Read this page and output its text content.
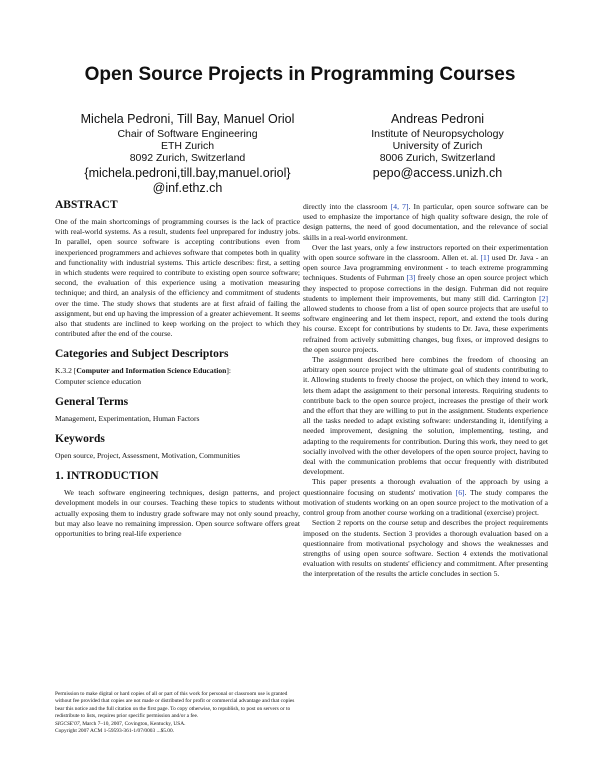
Open Source Projects in Programming Courses
Michela Pedroni, Till Bay, Manuel Oriol
Chair of Software Engineering
ETH Zurich
8092 Zurich, Switzerland
{michela.pedroni,till.bay,manuel.oriol}
@inf.ethz.ch
Andreas Pedroni
Institute of Neuropsychology
University of Zurich
8006 Zurich, Switzerland
pepo@access.unizh.ch
ABSTRACT

One of the main shortcomings of programming courses is the lack of practice with real-world systems. As a result, students feel unprepared for industry jobs. In parallel, open source software is accepting contributions even from inexperienced programmers and achieves software that competes both in quality and functionality with industrial systems. This article describes: first, a setting in which students were required to contribute to existing open source software; second, the evaluation of this experience using a motivation measuring technique; and third, an analysis of the efficiency and commitment of students over the time. The study shows that students are at first afraid of failing the assignment, but end up having the impression of a greater achievement. It seems also that students are inclined to keep working on the project to which they contributed after the end of the course.

Categories and Subject Descriptors
K.3.2 [Computer and Information Science Education]:
Computer science education
General Terms

Management, Experimentation, Human Factors

Keywords

Open source, Project, Assessment, Motivation, Communities

1. INTRODUCTION

We teach software engineering techniques, design patterns, and project development models in our courses. Teaching these topics to students without actually exposing them to industry grade software may not only sound preachy, but may also leave no remaining impression. Open source software offers great opportunities to bring real-life experience

directly into the classroom [4, 7]. In particular, open source software can be used to emphasize the importance of high quality software design, the role of design patterns, the need of good documentation, and the relevance of social skills in a real-world environment.

Over the last years, only a few instructors reported on their experimentation with open source software in the classroom. Allen et. al. [1] used Dr. Java - an open source Java programming environment - to teach extreme programming techniques. Students of Fuhrman [3] freely chose an open source project which they inspected to propose corrections in the design. Fuhrman did not require students to implement their improvements, but many still did. Carrington [2] allowed students to choose from a list of open source projects that are useful to software engineering and let them inspect, report, and extend the tools during his course. Except for contributions by students to Dr. Java, these experiments refrained from actively submitting changes, bug fixes, or improved designs to the open source projects.

The assignment described here combines the freedom of choosing an arbitrary open source project with the ultimate goal of students contributing to it. Allowing students to freely choose the project, on which they intend to work, lets them adapt the assignment to their personal interests. Requiring students to contribute back to the open source project, increases the prestige of their work and the effort that they are willing to put in the assignment. Students experience all the tasks needed to adapt existing software: understanding it, identifying a needed improvement, designing the solution, implementing, testing, and adapting to the requirements for contribution. During this work, they need to get socially involved with the other developers of the open source project, having to deal with the communication problems that occur frequently with distributed development.

This paper presents a thorough evaluation of the approach by using a questionnaire focusing on students' motivation [6]. The study compares the motivation of students working on an open source project to the motivation of a control group from another course working on a traditional (exercise) project.

Section 2 reports on the course setup and describes the project requirements imposed on the students. Section 3 provides a thorough evaluation based on a questionnaire from motivational psychology and shows the weaknesses and strengths of using open source software. Section 4 extends the motivational evaluation with results on students' efficiency and commitment. After presenting the interpretation of the results the article concludes in section 5.

Permission to make digital or hard copies of all or part of this work for personal or classroom use is granted without fee provided that copies are not made or distributed for profit or commercial advantage and that copies bear this notice and the full citation on the first page. To copy otherwise, to republish, to post on servers or to redistribute to lists, requires prior specific permission and/or a fee.
SIGCSE'07, March 7–10, 2007, Covington, Kentucky, USA.
Copyright 2007 ACM 1-59593-361-1/07/0003 ...$5.00.
